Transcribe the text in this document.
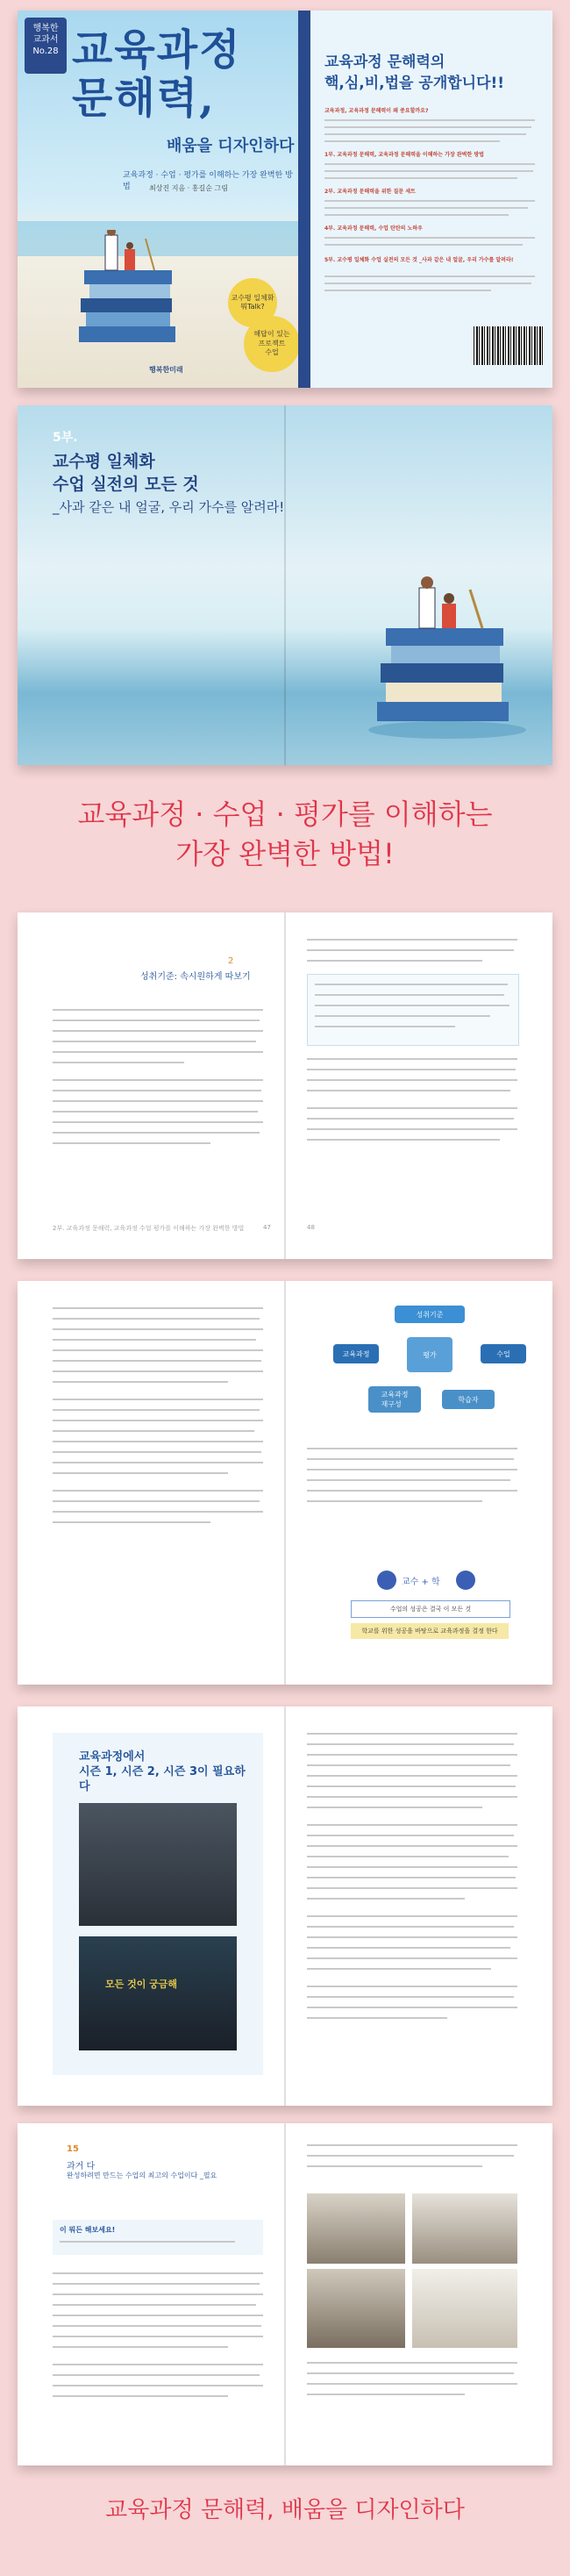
행복한
교과서
No.28 교육과정
문해력,
배움을 디자인하다
교육과정 · 수업 · 평가를 이해하는 가장 완벽한 방법	최상진 지음 · 홍길순 그림
교수평 일체화
뭐Talk?
해답이 있는
프로젝트
수업
행복한미래
교육과정 문해력의
핵,심,비,법을 공개합니다!!
교육과정, 교육과정 문해력이 왜 중요할까요?
1부. 교육과정 문해력, 교육과정 문해력을 이해하는 가장 완벽한 방법
2부. 교육과정 문해력을 위한 질문 세트
4부. 교육과정 문해력, 수업 탄탄의 노하우
5부. 교수평 일체화 수업 실전의 모든 것 _사과 같은 내 얼굴, 우리 가수를 알려라!
5부.
교수평 일체화
수업 실전의 모든 것
_사과 같은 내 얼굴, 우리 가수를 알려라!
교육과정 · 수업 · 평가를 이해하는
가장 완벽한 방법!
2
성취기준: 속시원하게 따보기
2부. 교육과정 문해력, 교육과정 수업 평가를 이해하는 가장 완벽한 방법	47	48
성취기준
교육과정	평가	수업
교육과정
재구성
학습자
교수 + 학
수업의 성공은 결국 이 모든 것
학교를 위한 성공을 바탕으로 교육과정을 결정 한다
교육과정에서
시즌 1, 시즌 2, 시즌 3이 필요하다
모든 것이 궁금해
15
과거 다
완성하려면 만드는 수업의 최고의 수업이다 _필요
이 뭐든 해보세요!
교육과정 문해력, 배움을 디자인하다
